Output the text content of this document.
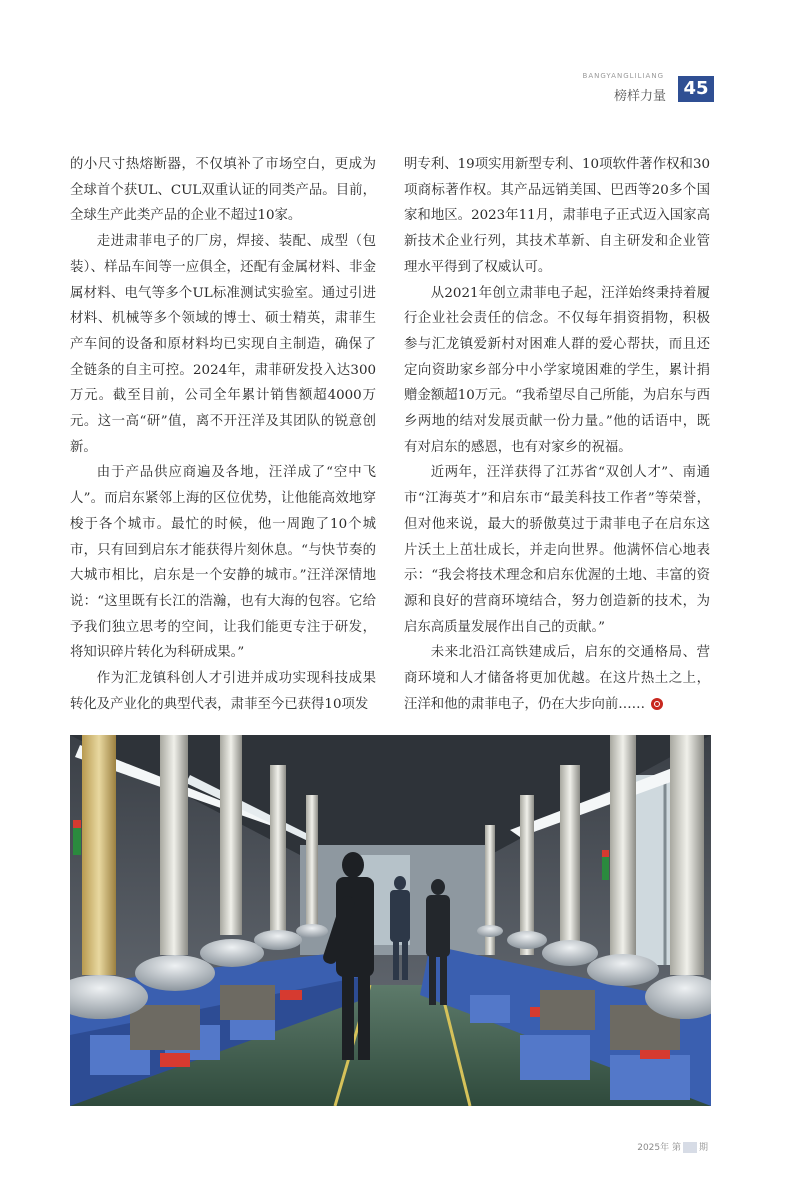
BANGYANGLILIANG
榜样力量 45

的小尺寸热熔断器，不仅填补了市场空白，更成为全球首个获UL、CUL双重认证的同类产品。目前，全球生产此类产品的企业不超过10家。

走进肃菲电子的厂房，焊接、装配、成型（包装）、样品车间等一应俱全，还配有金属材料、非金属材料、电气等多个UL标准测试实验室。通过引进材料、机械等多个领域的博士、硕士精英，肃菲生产车间的设备和原材料均已实现自主制造，确保了全链条的自主可控。2024年，肃菲研发投入达300万元。截至目前，公司全年累计销售额超4000万元。这一高“研”值，离不开汪洋及其团队的锐意创新。

由于产品供应商遍及各地，汪洋成了“空中飞人”。而启东紧邻上海的区位优势，让他能高效地穿梭于各个城市。最忙的时候，他一周跑了10个城市，只有回到启东才能获得片刻休息。“与快节奏的大城市相比，启东是一个安静的城市。”汪洋深情地说：“这里既有长江的浩瀚，也有大海的包容。它给予我们独立思考的空间，让我们能更专注于研发，将知识碎片转化为科研成果。”

作为汇龙镇科创人才引进并成功实现科技成果转化及产业化的典型代表，肃菲至今已获得10项发

明专利、19项实用新型专利、10项软件著作权和30项商标著作权。其产品远销美国、巴西等20多个国家和地区。2023年11月，肃菲电子正式迈入国家高新技术企业行列，其技术革新、自主研发和企业管理水平得到了权威认可。

从2021年创立肃菲电子起，汪洋始终秉持着履行企业社会责任的信念。不仅每年捐资捐物，积极参与汇龙镇爱新村对困难人群的爱心帮扶，而且还定向资助家乡部分中小学家境困难的学生，累计捐赠金额超10万元。“我希望尽自己所能，为启东与西乡两地的结对发展贡献一份力量。”他的话语中，既有对启东的感恩，也有对家乡的祝福。

近两年，汪洋获得了江苏省“双创人才”、南通市“江海英才”和启东市“最美科技工作者”等荣誉，但对他来说，最大的骄傲莫过于肃菲电子在启东这片沃土上茁壮成长，并走向世界。他满怀信心地表示：“我会将技术理念和启东优渥的土地、丰富的资源和良好的营商环境结合，努力创造新的技术，为启东高质量发展作出自己的贡献。”

未来北沿江高铁建成后，启东的交通格局、营商环境和人才储备将更加优越。在这片热土之上，汪洋和他的肃菲电子，仍在大步向前……

2025年 第 期
